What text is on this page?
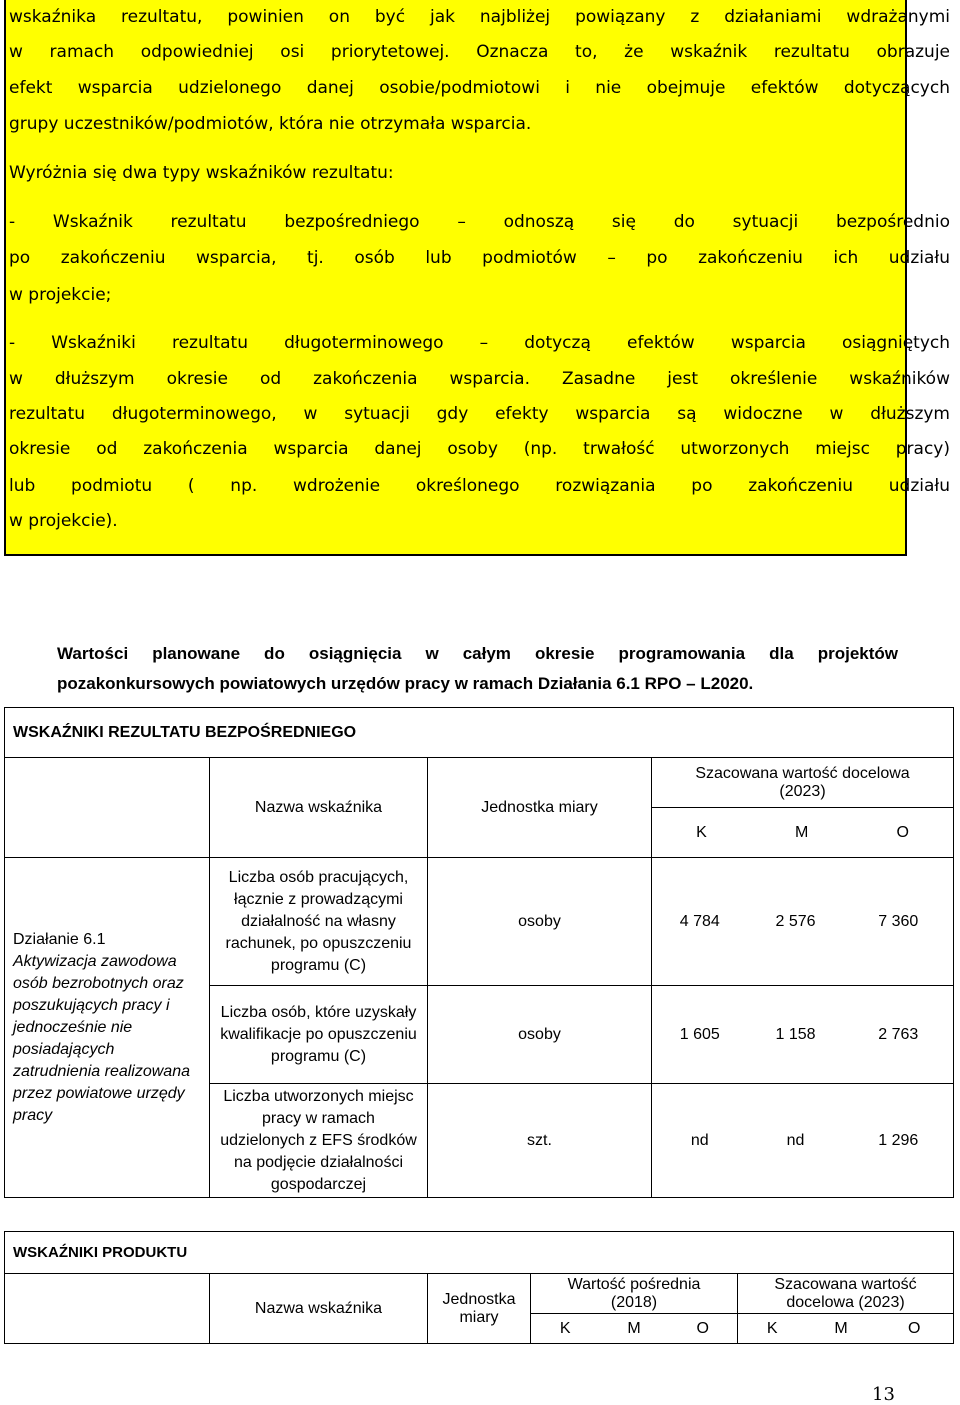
wskaźnika rezultatu, powinien on być jak najbliżej powiązany z działaniami wdrażanymi
w ramach odpowiedniej osi priorytetowej. Oznacza to, że wskaźnik rezultatu obrazuje
efekt wsparcia udzielonego danej osobie/podmiotowi i nie obejmuje efektów dotyczących
grupy uczestników/podmiotów, która nie otrzymała wsparcia.
Wyróżnia się dwa typy wskaźników rezultatu:
- Wskaźnik rezultatu bezpośredniego – odnoszą się do sytuacji bezpośrednio
po zakończeniu wsparcia, tj. osób lub podmiotów – po zakończeniu ich udziału
w projekcie;
- Wskaźniki rezultatu długoterminowego – dotyczą efektów wsparcia osiągniętych
w dłuższym okresie od zakończenia wsparcia. Zasadne jest określenie wskaźników
rezultatu długoterminowego, w sytuacji gdy efekty wsparcia są widoczne w dłuższym
okresie od zakończenia wsparcia danej osoby (np. trwałość utworzonych miejsc pracy)
lub podmiotu ( np. wdrożenie określonego rozwiązania po zakończeniu udziału
w projekcie).
Wartości planowane do osiągnięcia w całym okresie programowania dla projektów
pozakonkursowych powiatowych urzędów pracy w ramach Działania 6.1 RPO – L2020.
WSKAŹNIKI REZULTATU BEZPOŚREDNIEGO					
	Nazwa wskaźnika	Jednostka miary	Szacowana wartość docelowa (2023)		

			K M O		

Działanie 6.1
Aktywizacja zawodowa osób bezrobotnych oraz poszukujących pracy i jednocześnie nie posiadających zatrudnienia realizowana przez powiatowe urzędy pracy	Liczba osób pracujących, łącznie z prowadzącymi działalność na własny rachunek, po opuszczeniu programu (C)	osoby	4 784	2 576	7 360
	Liczba osób, które uzyskały kwalifikacje po opuszczeniu programu (C)	osoby	1 605	1 158	2 763
	Liczba utworzonych miejsc pracy w ramach udzielonych z EFS środków na podjęcie działalności gospodarczej	szt.	nd	nd	1 296
WSKAŹNIKI PRODUKTU								
	Nazwa wskaźnika	Jednostka miary	Wartość pośrednia (2018)			Szacowana wartość docelowa (2023)		
			K	M	O	K	M	O
13
